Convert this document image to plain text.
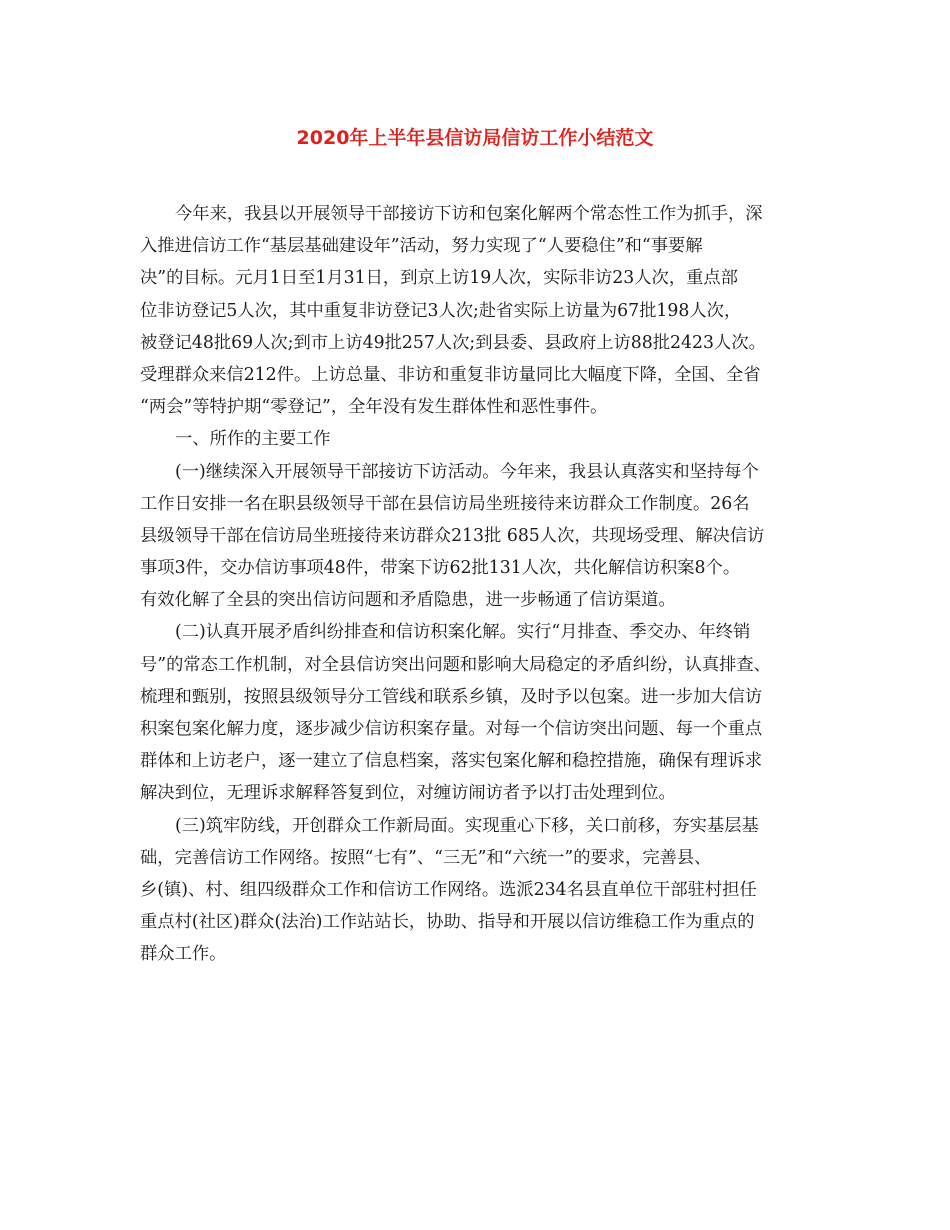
2020年上半年县信访局信访工作小结范文
今年来，我县以开展领导干部接访下访和包案化解两个常态性工作为抓手，深
入推进信访工作“基层基础建设年”活动，努力实现了“人要稳住”和“事要解
决”的目标。元月1日至1月31日，到京上访19人次，实际非访23人次，重点部
位非访登记5人次，其中重复非访登记3人次;赴省实际上访量为67批198人次，
被登记48批69人次;到市上访49批257人次;到县委、县政府上访88批2423人次。
受理群众来信212件。上访总量、非访和重复非访量同比大幅度下降，全国、全省
“两会”等特护期“零登记”，全年没有发生群体性和恶性事件。
一、所作的主要工作
(一)继续深入开展领导干部接访下访活动。今年来，我县认真落实和坚持每个
工作日安排一名在职县级领导干部在县信访局坐班接待来访群众工作制度。26名
县级领导干部在信访局坐班接待来访群众213批 685人次，共现场受理、解决信访
事项3件，交办信访事项48件，带案下访62批131人次，共化解信访积案8个。
有效化解了全县的突出信访问题和矛盾隐患，进一步畅通了信访渠道。
(二)认真开展矛盾纠纷排查和信访积案化解。实行“月排查、季交办、年终销
号”的常态工作机制，对全县信访突出问题和影响大局稳定的矛盾纠纷，认真排查、
梳理和甄别，按照县级领导分工管线和联系乡镇，及时予以包案。进一步加大信访
积案包案化解力度，逐步减少信访积案存量。对每一个信访突出问题、每一个重点
群体和上访老户，逐一建立了信息档案，落实包案化解和稳控措施，确保有理诉求
解决到位，无理诉求解释答复到位，对缠访闹访者予以打击处理到位。
(三)筑牢防线，开创群众工作新局面。实现重心下移，关口前移，夯实基层基
础，完善信访工作网络。按照“七有”、“三无”和“六统一”的要求，完善县、
乡(镇)、村、组四级群众工作和信访工作网络。选派234名县直单位干部驻村担任
重点村(社区)群众(法治)工作站站长，协助、指导和开展以信访维稳工作为重点的
群众工作。
